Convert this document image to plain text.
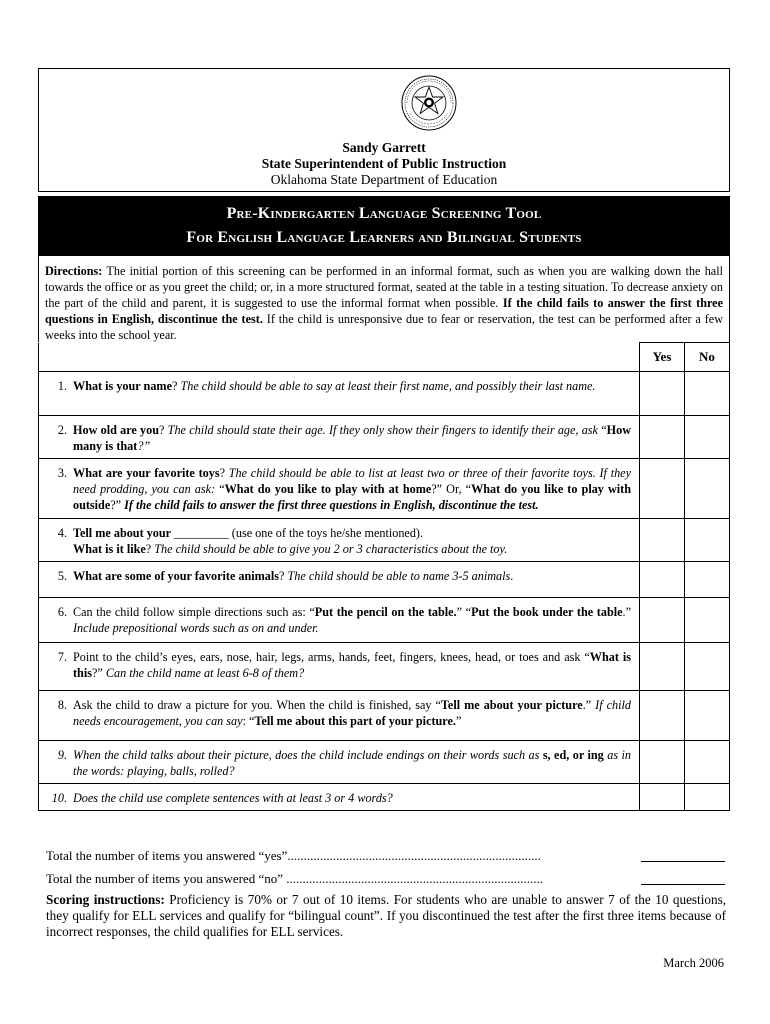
Sandy Garrett
State Superintendent of Public Instruction
Oklahoma State Department of Education
Pre-Kindergarten Language Screening Tool
For English Language Learners and Bilingual Students
Directions: The initial portion of this screening can be performed in an informal format, such as when you are walking down the hall towards the office or as you greet the child; or, in a more structured format, seated at the table in a testing situation. To decrease anxiety on the part of the child and parent, it is suggested to use the informal format when possible. If the child fails to answer the first three questions in English, discontinue the test. If the child is unresponsive due to fear or reservation, the test can be performed after a few weeks into the school year.
	Yes	No

1. What is your name? The child should be able to say at least their first name, and possibly their last name.		

2. How old are you? The child should state their age. If they only show their fingers to identify their age, ask “How many is that?”		

3. What are your favorite toys? The child should be able to list at least two or three of their favorite toys. If they need prodding, you can ask: “What do you like to play with at home?” Or, “What do you like to play with outside?” If the child fails to answer the first three questions in English, discontinue the test.		

4. Tell me about your _________ (use one of the toys he/she mentioned).
What is it like? The child should be able to give you 2 or 3 characteristics about the toy.		

5. What are some of your favorite animals? The child should be able to name 3-5 animals.		

6. Can the child follow simple directions such as: “Put the pencil on the table.” “Put the book under the table.” Include prepositional words such as on and under.		

7. Point to the child’s eyes, ears, nose, hair, legs, arms, hands, feet, fingers, knees, head, or toes and ask “What is this?” Can the child name at least 6-8 of them?		

8. Ask the child to draw a picture for you. When the child is finished, say “Tell me about your picture.” If child needs encouragement, you can say: “Tell me about this part of your picture.”		

9. When the child talks about their picture, does the child include endings on their words such as s, ed, or ing as in the words: playing, balls, rolled?		

10. Does the child use complete sentences with at least 3 or 4 words?		

Total the number of items you answered “yes”..............................................................................
Total the number of items you answered “no” ...............................................................................
Scoring instructions: Proficiency is 70% or 7 out of 10 items. For students who are unable to answer 7 of the 10 questions, they qualify for ELL services and qualify for “bilingual count”. If you discontinued the test after the first three items because of incorrect responses, the child qualifies for ELL services.
March 2006
